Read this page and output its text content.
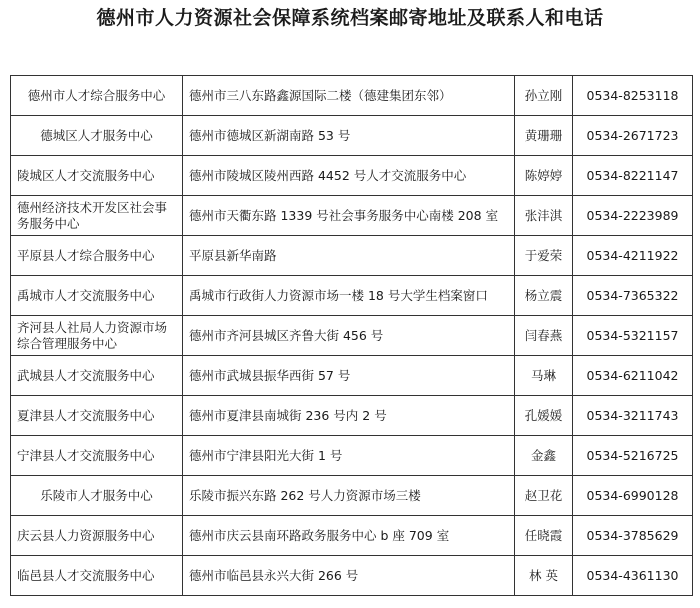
德州市人力资源社会保障系统档案邮寄地址及联系人和电话
德州市人才综合服务中心	德州市三八东路鑫源国际二楼（德建集团东邻）	孙立刚	0534-8253118
德城区人才服务中心	德州市德城区新湖南路 53 号	黄珊珊	0534-2671723
陵城区人才交流服务中心	德州市陵城区陵州西路 4452 号人才交流服务中心	陈婷婷	0534-8221147
德州经济技术开发区社会事务服务中心	德州市天衢东路 1339 号社会事务服务中心南楼 208 室	张沣淇	0534-2223989
平原县人才综合服务中心	平原县新华南路	于爱荣	0534-4211922
禹城市人才交流服务中心	禹城市行政街人力资源市场一楼 18 号大学生档案窗口	杨立震	0534-7365322
齐河县人社局人力资源市场综合管理服务中心	德州市齐河县城区齐鲁大街 456 号	闫春燕	0534-5321157
武城县人才交流服务中心	德州市武城县振华西街 57 号	马琳	0534-6211042
夏津县人才交流服务中心	德州市夏津县南城街 236 号内 2 号	孔媛媛	0534-3211743
宁津县人才交流服务中心	德州市宁津县阳光大街 1 号	金鑫	0534-5216725
乐陵市人才服务中心	乐陵市振兴东路 262 号人力资源市场三楼	赵卫花	0534-6990128
庆云县人力资源服务中心	德州市庆云县南环路政务服务中心 b 座 709 室	任晓霞	0534-3785629
临邑县人才交流服务中心	德州市临邑县永兴大街 266 号	林 英	0534-4361130
